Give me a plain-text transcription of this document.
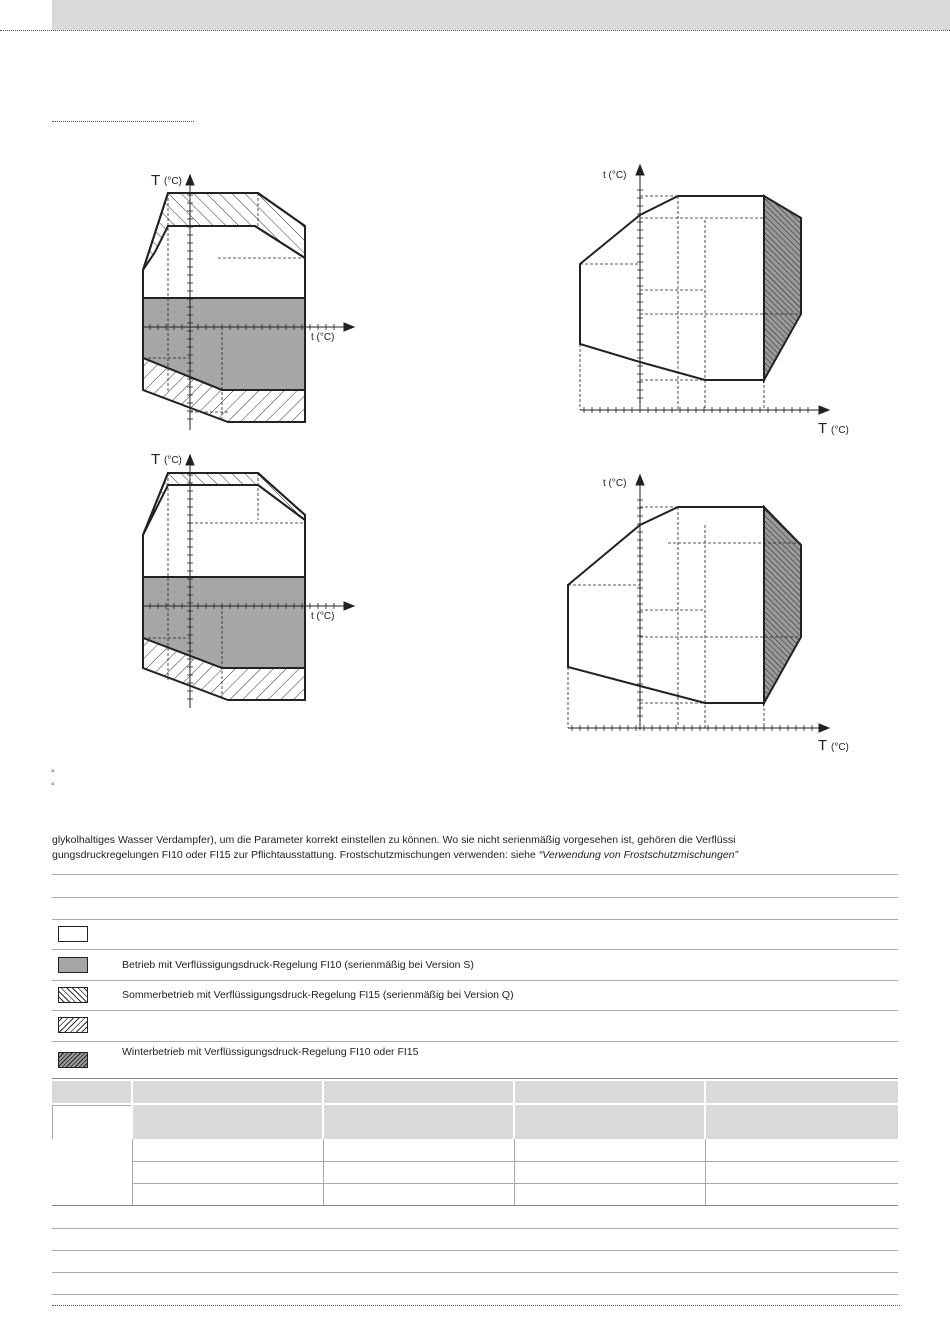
T (°C)
t (°C)
T (°C)
t (°C)
t (°C)
T (°C)
t (°C)
T (°C)
°
°
glykolhaltiges Wasser Verdampfer), um die Parameter korrekt einstellen zu können. Wo sie nicht serienmäßig vorgesehen ist, gehören die Verflüssi
gungsdruckregelungen FI10 oder FI15 zur Pflichtausstattung. Frostschutzmischungen verwenden: siehe “Verwendung von Frostschutzmischungen”
Betrieb mit Verflüssigungsdruck-Regelung FI10 (serienmäßig bei Version S)
Sommerbetrieb mit Verflüssigungsdruck-Regelung FI15 (serienmäßig bei Version Q)
Winterbetrieb mit Verflüssigungsdruck-Regelung FI10 oder FI15
